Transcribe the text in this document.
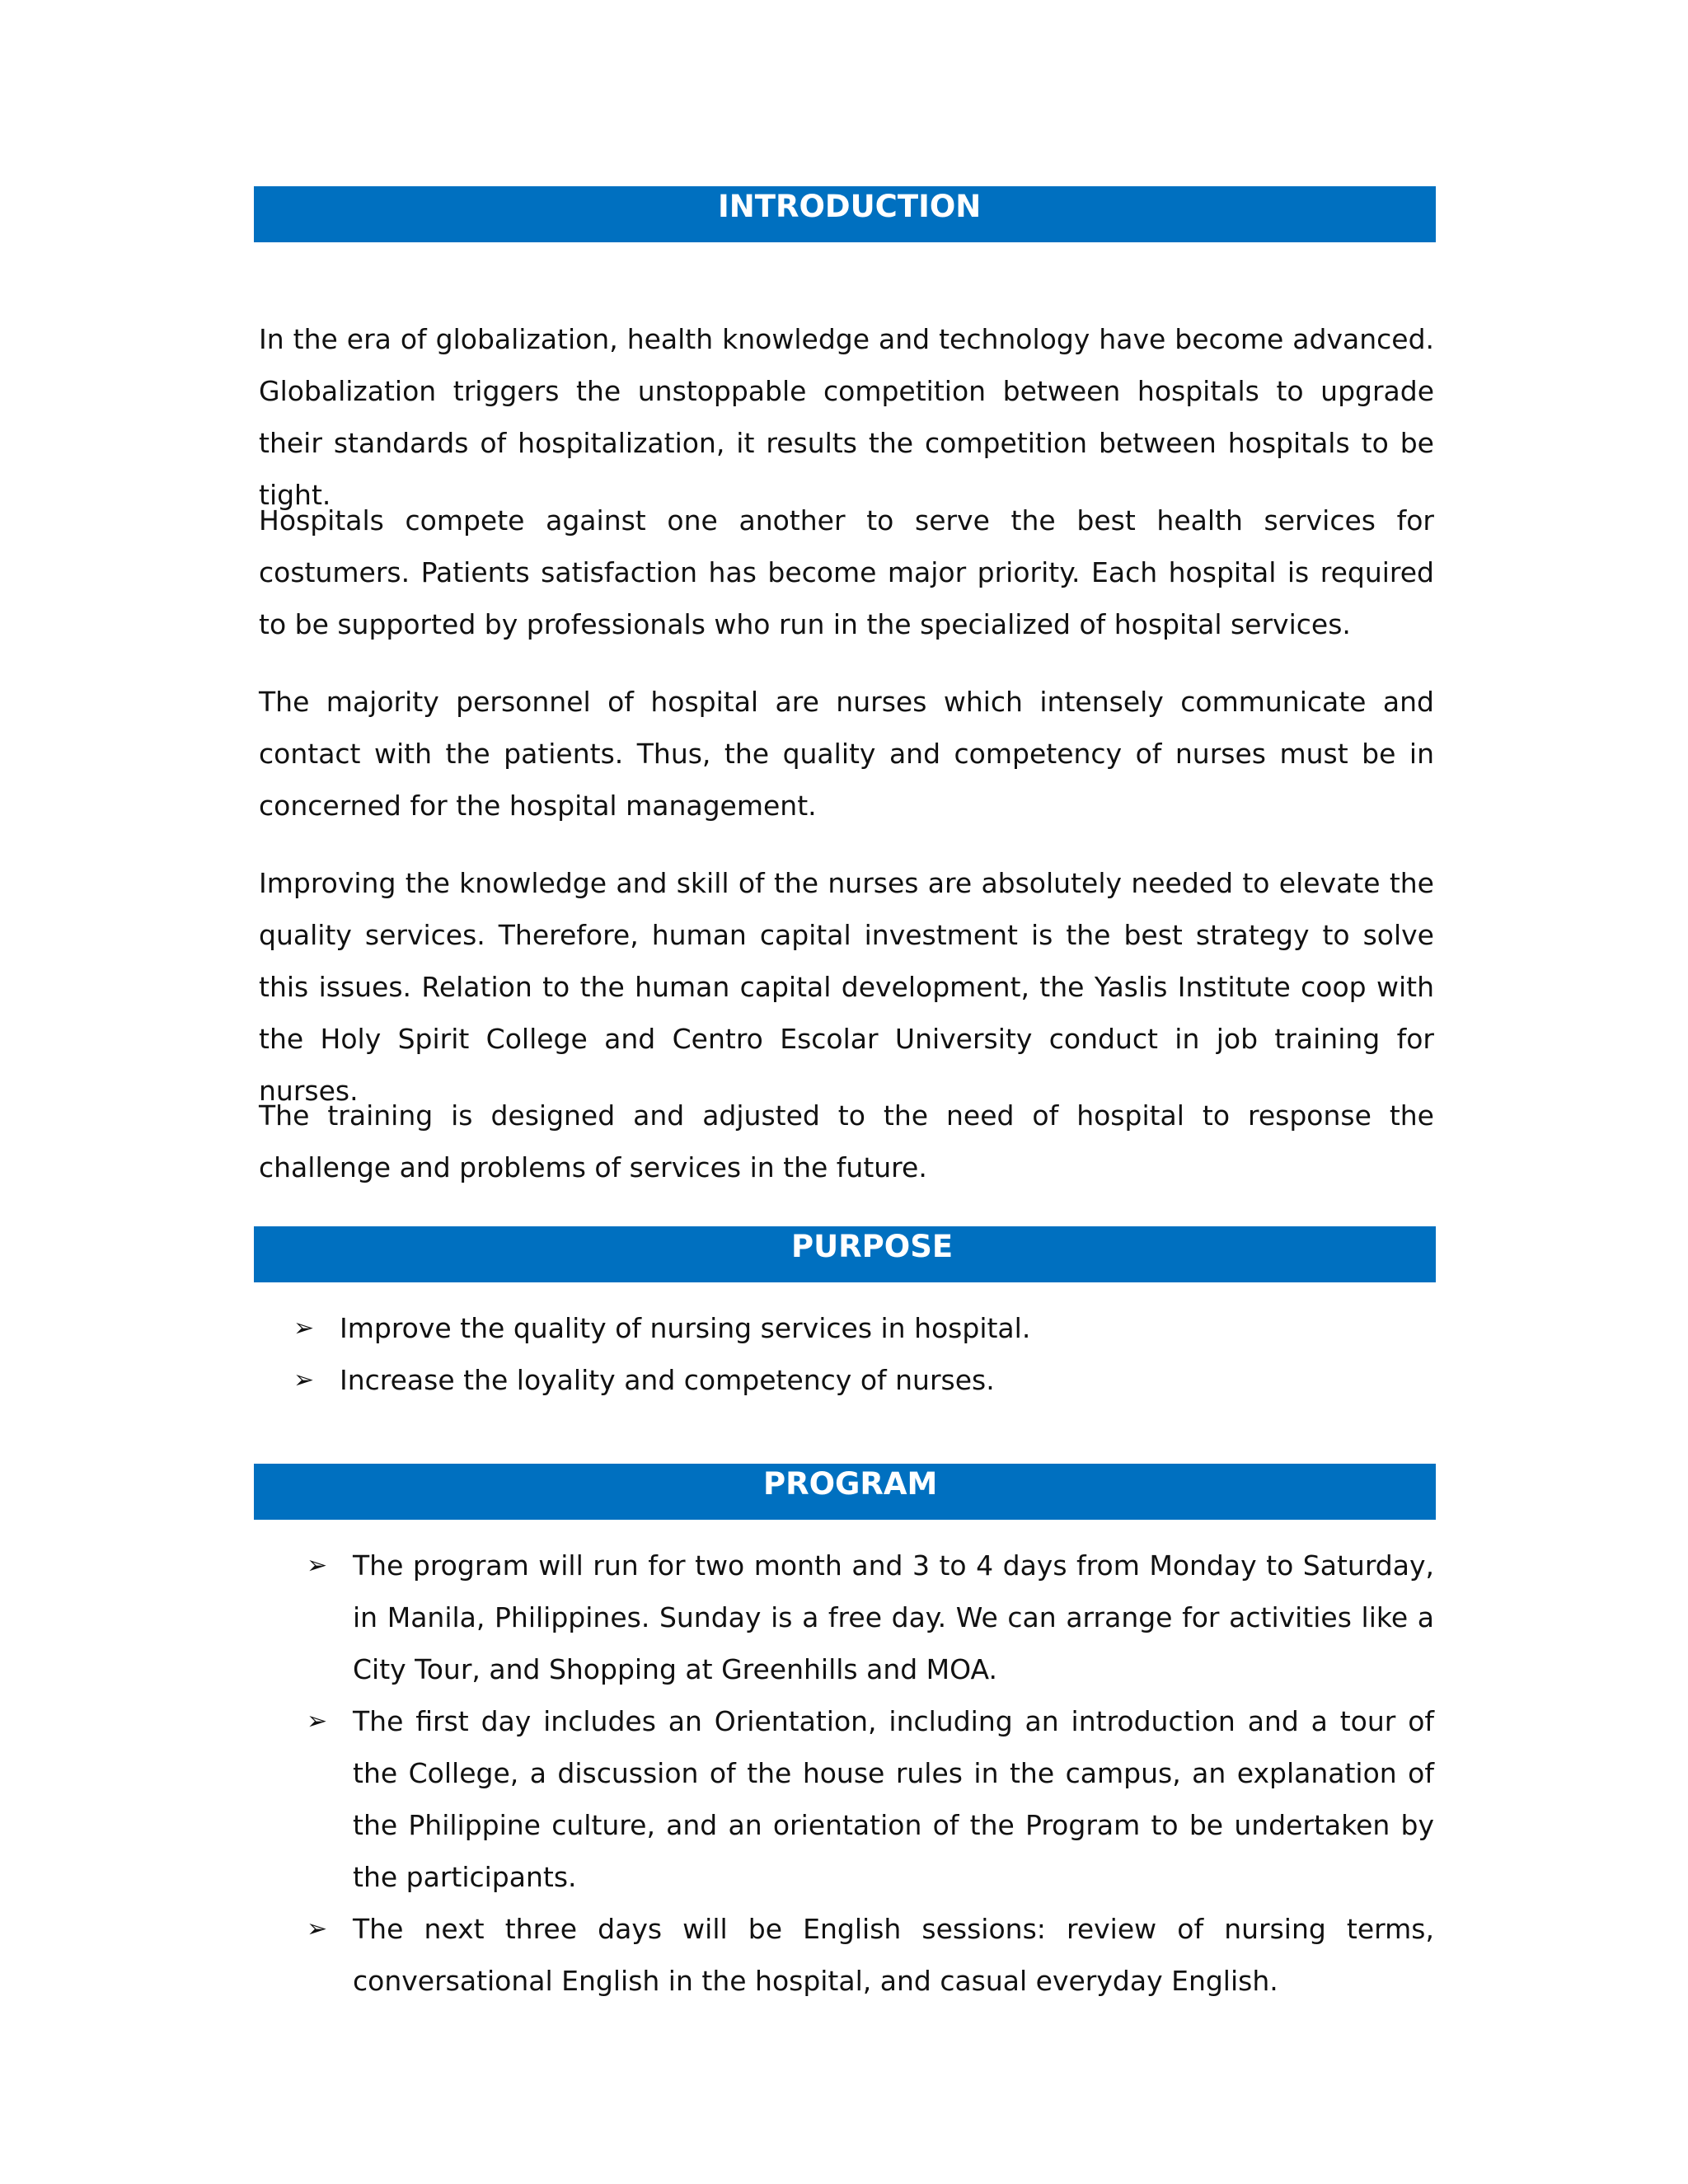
INTRODUCTION

In the era of globalization, health knowledge and technology have become advanced. Globalization triggers the unstoppable competition between hospitals to upgrade their standards of hospitalization, it results the competition between hospitals to be tight.

Hospitals compete against one another to serve the best health services for costumers. Patients satisfaction has become major priority. Each hospital is required to be supported by professionals who run in the specialized of hospital services.

The majority personnel of hospital are nurses which intensely communicate and contact with the patients. Thus, the quality and competency of nurses must be in concerned for the hospital management.

Improving the knowledge and skill of the nurses are absolutely needed to elevate the quality services. Therefore, human capital investment is the best strategy to solve this issues. Relation to the human capital development, the Yaslis Institute coop with the Holy Spirit College and Centro Escolar University conduct in job training for nurses.

The training is designed and adjusted to the need of hospital to response the challenge and problems of services in the future.

PURPOSE
➢ Improve the quality of nursing services in hospital.
➢ Increase the loyality and competency of nurses.
PROGRAM
➢ The program will run for two month and 3 to 4 days from Monday to Saturday, in Manila, Philippines. Sunday is a free day. We can arrange for activities like a City Tour, and Shopping at Greenhills and MOA.
➢ The first day includes an Orientation, including an introduction and a tour of the College, a discussion of the house rules in the campus, an explanation of the Philippine culture, and an orientation of the Program to be undertaken by the participants.
➢ The next three days will be English sessions: review of nursing terms, conversational English in the hospital, and casual everyday English.
